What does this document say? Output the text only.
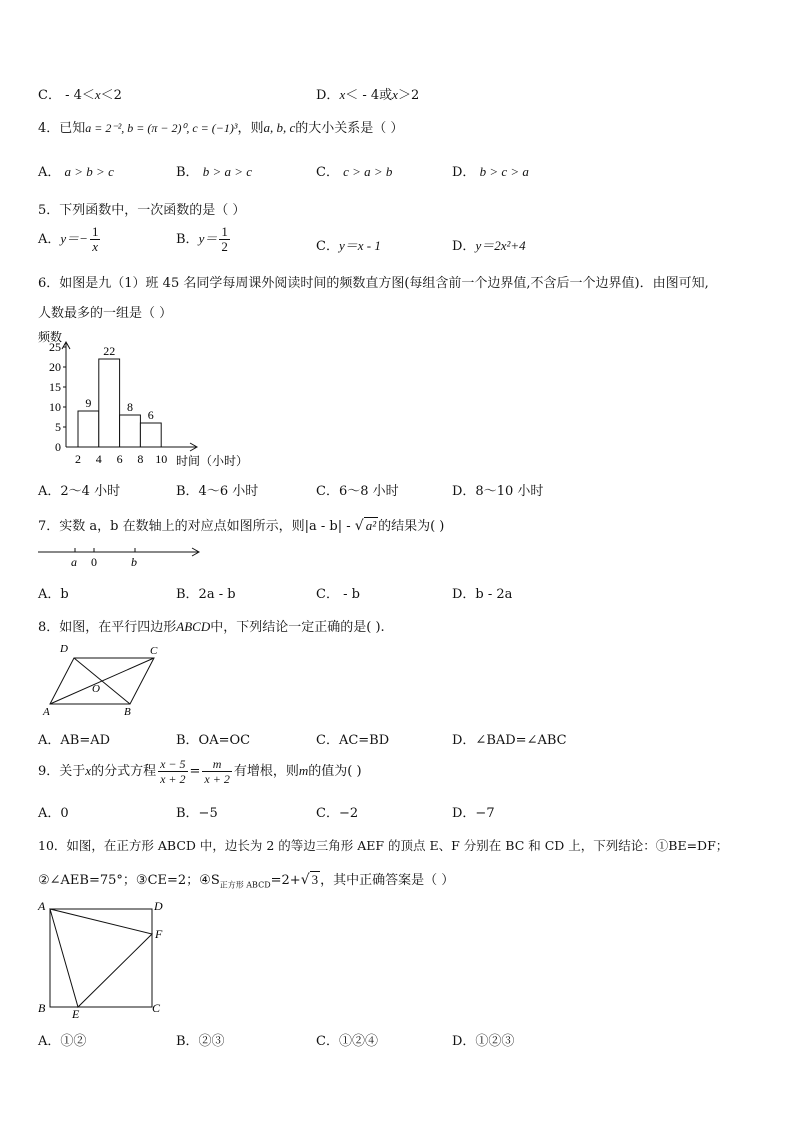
C． - 4＜x＜2	D．x＜ - 4或x＞2
4．已知a = 2⁻², b = (π − 2)⁰, c = (−1)³，则a, b, c的大小关系是（ ）
A． a > b > c	B． b > a > c	C． c > a > b	D． b > c > a
5．下列函数中，一次函数的是（ ）
A．$y=- \frac{1}{x}$	B．$y= \frac{1}{2}$	C．y＝x - 1	D．y＝2x²+4
6．如图是九（1）班 45 名同学每周课外阅读时间的频数直方图(每组含前一个边界值,不含后一个边界值)．由图可知,
人数最多的一组是（ ）
频数
时间（小时）
0
5
10
15
20
25
2 4 6 8 10
9
22
8
6
A．2～4 小时	B．4～6 小时	C．6～8 小时	D．8～10 小时
7．实数 a，b 在数轴上的对应点如图所示，则|a - b| - √ a² 的结果为( )
a 0	b
A．b	B．2a - b	C． - b	D．b - 2a
8．如图，在平行四边形ABCD中，下列结论一定正确的是( ).
A	B
C
D
O
A．AB=AD	B．OA=OC	C．AC=BD	D．∠BAD=∠ABC
9．关于x的分式方程 $\frac{x - 5}{x + 2} = \frac{m}{x + 2}$ 有增根，则m的值为( )
A．0	B．−5	C．−2	D．−7
10．如图，在正方形 ABCD 中，边长为 2 的等边三角形 AEF 的顶点 E、F 分别在 BC 和 CD 上，下列结论：①BE=DF；
②∠AEB=75°；③CE=2；$④S_{正方形 ABCD}=2+√$ 3 ，其中正确答案是（ ）
A
B	C
D
E
F
A．①②	B．②③	C．①②④	D．①②③
